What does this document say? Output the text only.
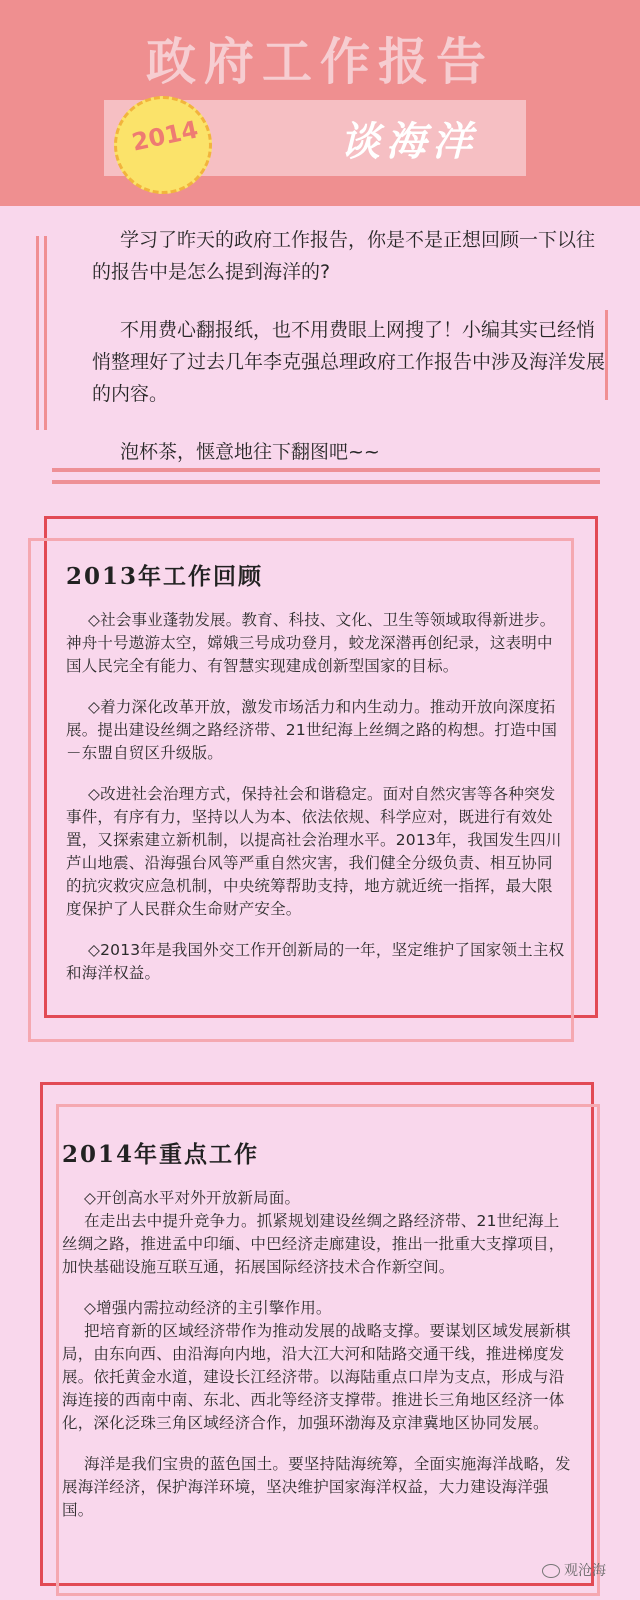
政府工作报告
谈海洋
2014

学习了昨天的政府工作报告，你是不是正想回顾一下以往的报告中是怎么提到海洋的?

不用费心翻报纸，也不用费眼上网搜了！小编其实已经悄悄整理好了过去几年李克强总理政府工作报告中涉及海洋发展的内容。

泡杯茶，惬意地往下翻图吧~~

2013年工作回顾

◇社会事业蓬勃发展。教育、科技、文化、卫生等领域取得新进步。神舟十号遨游太空，嫦娥三号成功登月，蛟龙深潜再创纪录，这表明中国人民完全有能力、有智慧实现建成创新型国家的目标。

◇着力深化改革开放，激发市场活力和内生动力。推动开放向深度拓展。提出建设丝绸之路经济带、21世纪海上丝绸之路的构想。打造中国－东盟自贸区升级版。

◇改进社会治理方式，保持社会和谐稳定。面对自然灾害等各种突发事件，有序有力，坚持以人为本、依法依规、科学应对，既进行有效处置，又探索建立新机制，以提高社会治理水平。2013年，我国发生四川芦山地震、沿海强台风等严重自然灾害，我们健全分级负责、相互协同的抗灾救灾应急机制，中央统筹帮助支持，地方就近统一指挥，最大限度保护了人民群众生命财产安全。

◇2013年是我国外交工作开创新局的一年，坚定维护了国家领土主权和海洋权益。

2014年重点工作

◇开创高水平对外开放新局面。

在走出去中提升竞争力。抓紧规划建设丝绸之路经济带、21世纪海上丝绸之路，推进孟中印缅、中巴经济走廊建设，推出一批重大支撑项目，加快基础设施互联互通，拓展国际经济技术合作新空间。

◇增强内需拉动经济的主引擎作用。

把培育新的区域经济带作为推动发展的战略支撑。要谋划区域发展新棋局，由东向西、由沿海向内地，沿大江大河和陆路交通干线，推进梯度发展。依托黄金水道，建设长江经济带。以海陆重点口岸为支点，形成与沿海连接的西南中南、东北、西北等经济支撑带。推进长三角地区经济一体化，深化泛珠三角区域经济合作，加强环渤海及京津冀地区协同发展。

海洋是我们宝贵的蓝色国土。要坚持陆海统筹，全面实施海洋战略，发展海洋经济，保护海洋环境，坚决维护国家海洋权益，大力建设海洋强国。

观沧海
